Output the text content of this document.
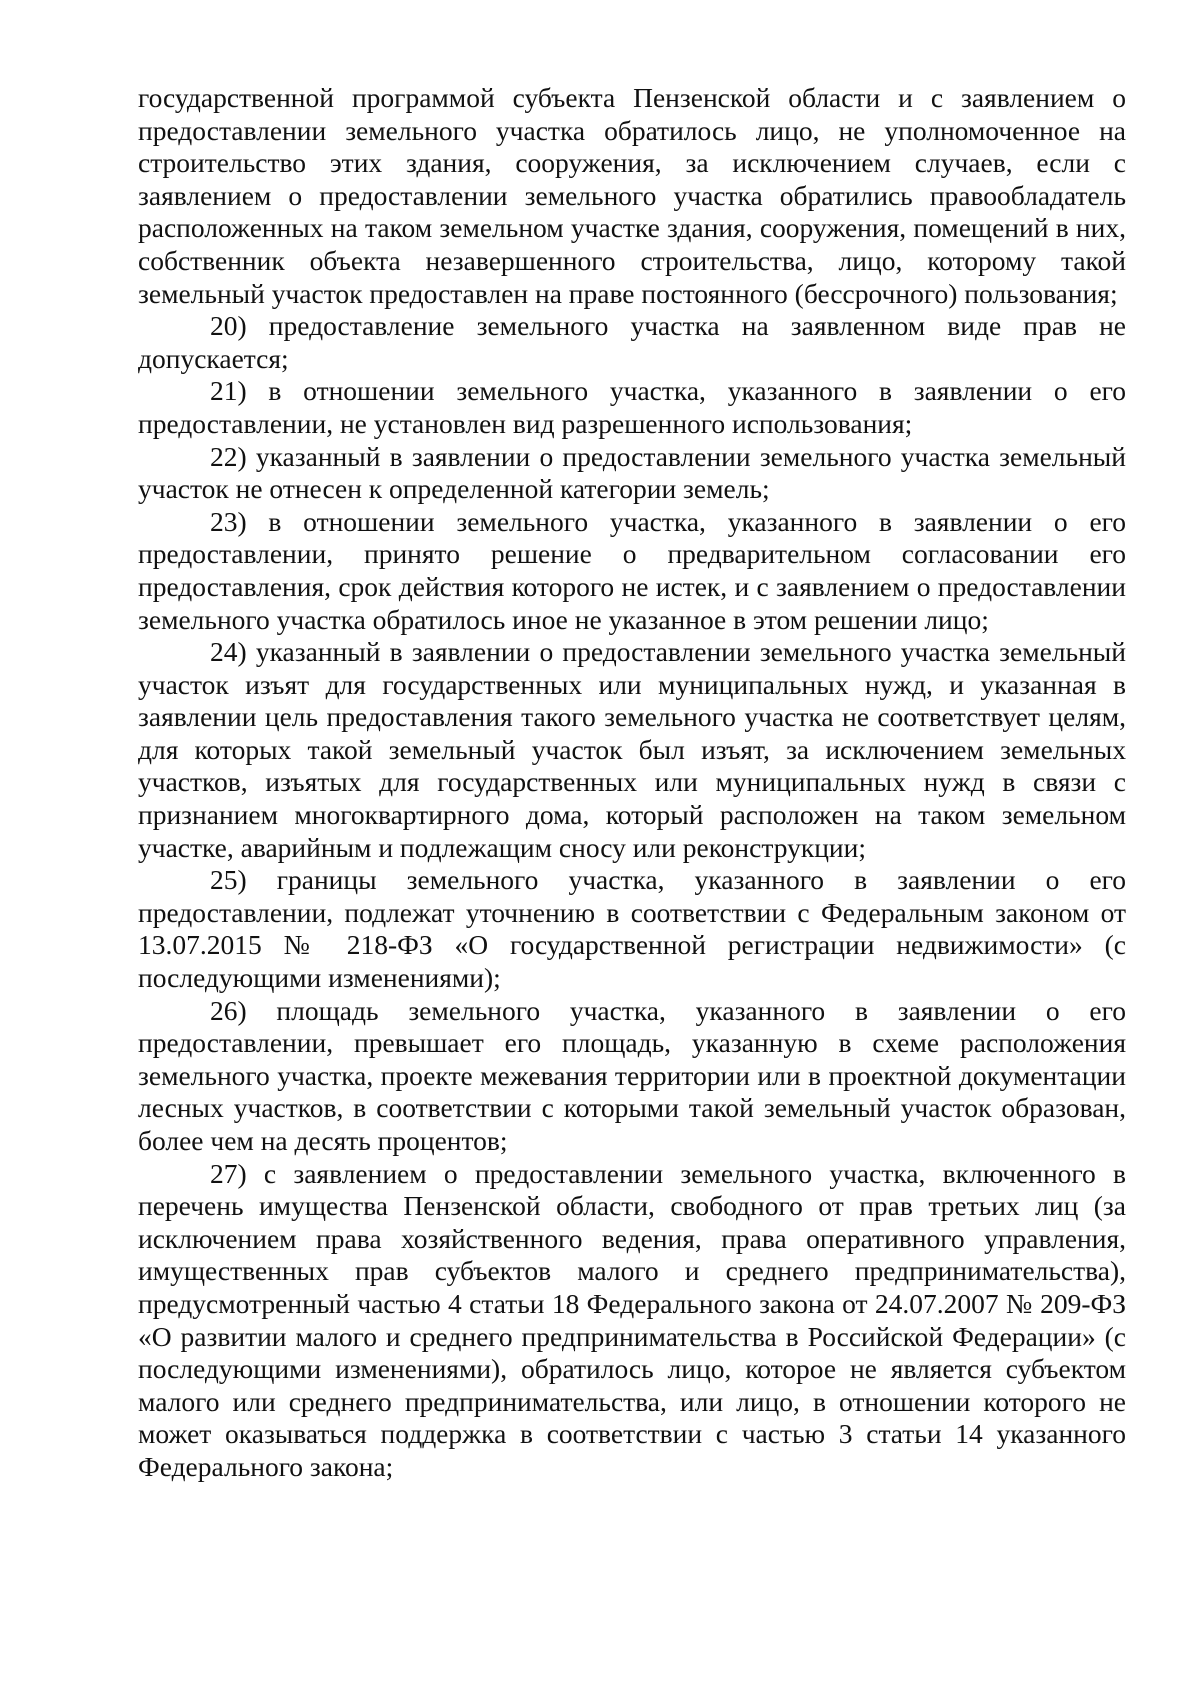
государственной программой субъекта Пензенской области и с заявлением о предоставлении земельного участка обратилось лицо, не уполномоченное на строительство этих здания, сооружения, за исключением случаев, если с заявлением о предоставлении земельного участка обратились правообладатель расположенных на таком земельном участке здания, сооружения, помещений в них, собственник объекта незавершенного строительства, лицо, которому такой земельный участок предоставлен на праве постоянного (бессрочного) пользования;

20) предоставление земельного участка на заявленном виде прав не допускается;

21) в отношении земельного участка, указанного в заявлении о его предоставлении, не установлен вид разрешенного использования;

22) указанный в заявлении о предоставлении земельного участка земельный участок не отнесен к определенной категории земель;

23) в отношении земельного участка, указанного в заявлении о его предоставлении, принято решение о предварительном согласовании его предоставления, срок действия которого не истек, и с заявлением о предоставлении земельного участка обратилось иное не указанное в этом решении лицо;

24) указанный в заявлении о предоставлении земельного участка земельный участок изъят для государственных или муниципальных нужд, и указанная в заявлении цель предоставления такого земельного участка не соответствует целям, для которых такой земельный участок был изъят, за исключением земельных участков, изъятых для государственных или муниципальных нужд в связи с признанием многоквартирного дома, который расположен на таком земельном участке, аварийным и подлежащим сносу или реконструкции;

25) границы земельного участка, указанного в заявлении о его предоставлении, подлежат уточнению в соответствии с Федеральным законом от 13.07.2015 № 218-ФЗ «О государственной регистрации недвижимости» (с последующими изменениями);

26) площадь земельного участка, указанного в заявлении о его предоставлении, превышает его площадь, указанную в схеме расположения земельного участка, проекте межевания территории или в проектной документации лесных участков, в соответствии с которыми такой земельный участок образован, более чем на десять процентов;

27) с заявлением о предоставлении земельного участка, включенного в перечень имущества Пензенской области, свободного от прав третьих лиц (за исключением права хозяйственного ведения, права оперативного управления, имущественных прав субъектов малого и среднего предпринимательства), предусмотренный частью 4 статьи 18 Федерального закона от 24.07.2007 № 209-ФЗ «О развитии малого и среднего предпринимательства в Российской Федерации» (с последующими изменениями), обратилось лицо, которое не является субъектом малого или среднего предпринимательства, или лицо, в отношении которого не может оказываться поддержка в соответствии с частью 3 статьи 14 указанного Федерального закона;
